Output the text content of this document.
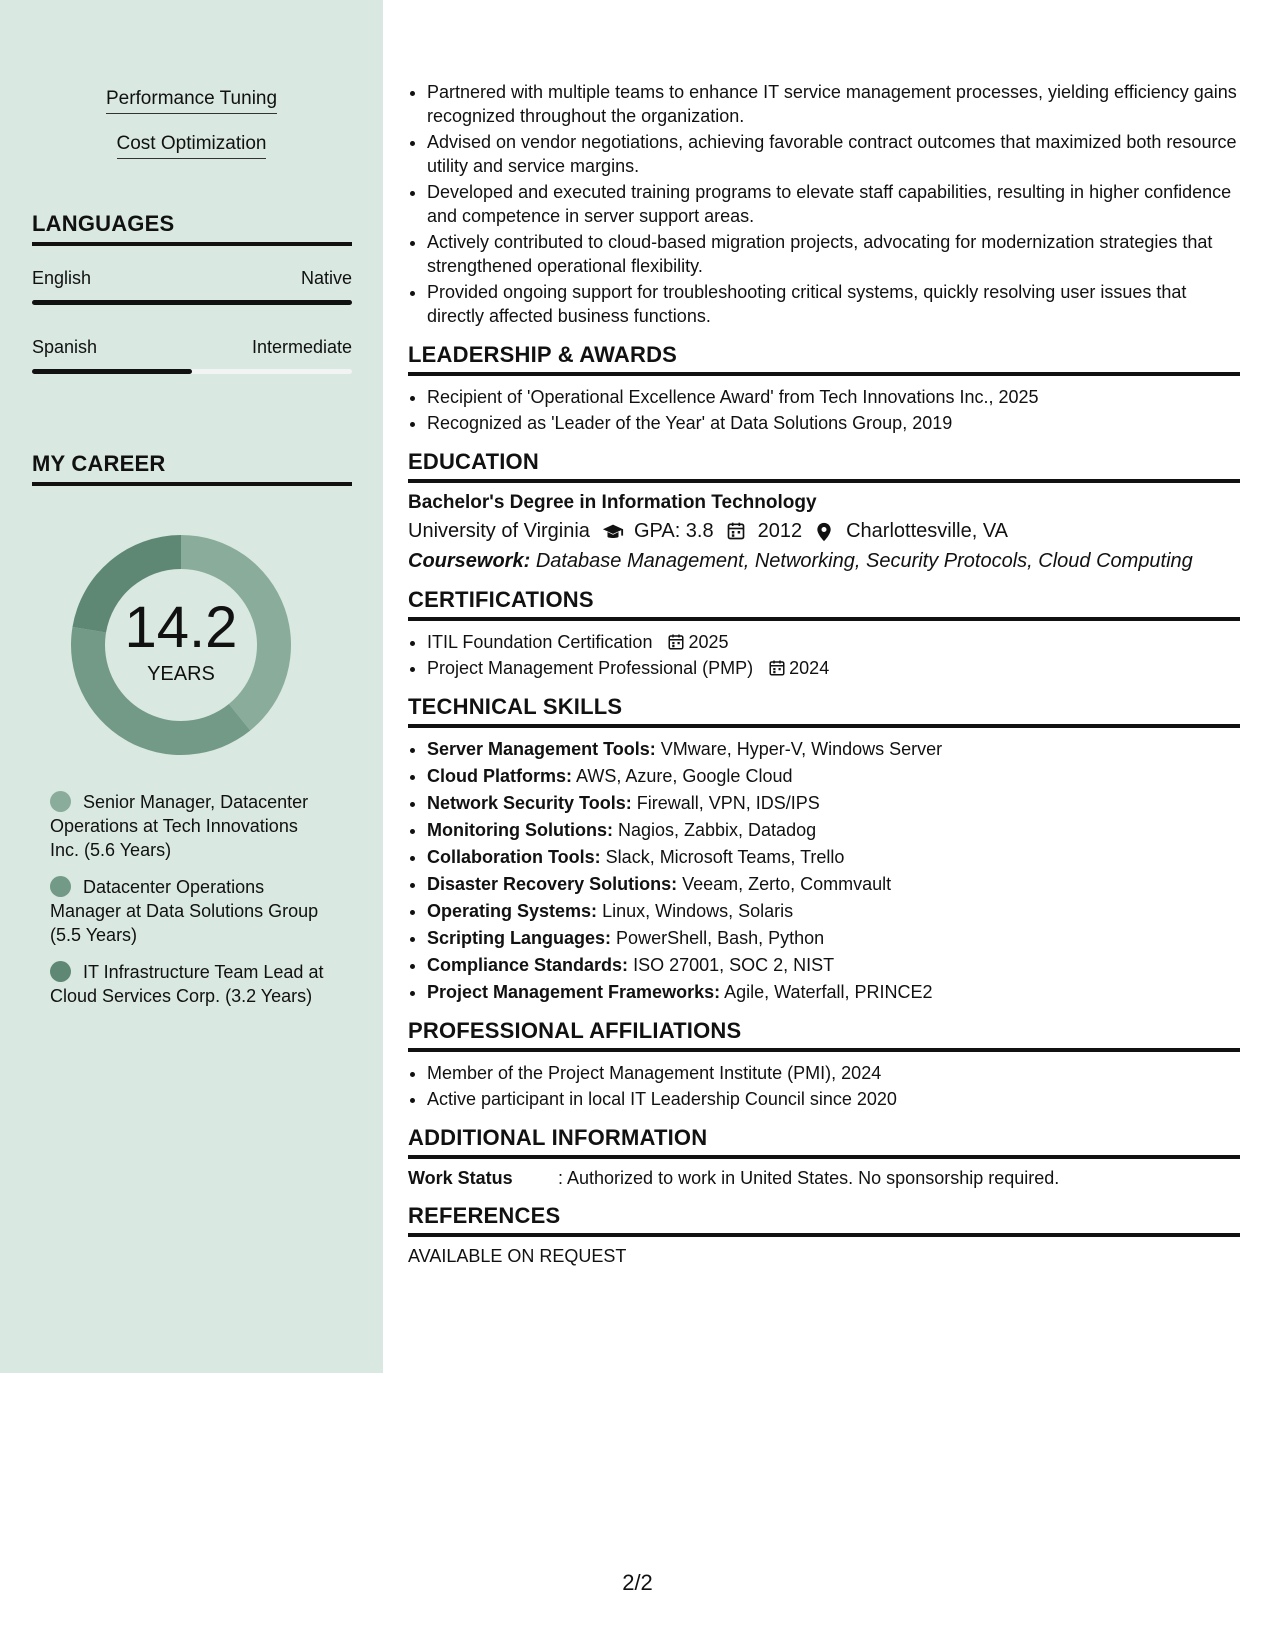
Performance Tuning
Cost Optimization
LANGUAGES
English	Native
Spanish	Intermediate
MY CAREER
14.2
YEARS
Senior Manager, Datacenter Operations at Tech Innovations Inc. (5.6 Years)
Datacenter Operations Manager at Data Solutions Group (5.5 Years)
IT Infrastructure Team Lead at Cloud Services Corp. (3.2 Years)
• Partnered with multiple teams to enhance IT service management processes, yielding efficiency gains recognized throughout the organization.
• Advised on vendor negotiations, achieving favorable contract outcomes that maximized both resource utility and service margins.
• Developed and executed training programs to elevate staff capabilities, resulting in higher confidence and competence in server support areas.
• Actively contributed to cloud-based migration projects, advocating for modernization strategies that strengthened operational flexibility.
• Provided ongoing support for troubleshooting critical systems, quickly resolving user issues that directly affected business functions.
LEADERSHIP & AWARDS
• Recipient of 'Operational Excellence Award' from Tech Innovations Inc., 2025
• Recognized as 'Leader of the Year' at Data Solutions Group, 2019
EDUCATION
Bachelor's Degree in Information Technology
University of Virginia GPA: 3.8 2012 Charlottesville, VA
Coursework: Database Management, Networking, Security Protocols, Cloud Computing
CERTIFICATIONS
• ITIL Foundation Certification 2025
• Project Management Professional (PMP) 2024
TECHNICAL SKILLS
• Server Management Tools: VMware, Hyper-V, Windows Server
• Cloud Platforms: AWS, Azure, Google Cloud
• Network Security Tools: Firewall, VPN, IDS/IPS
• Monitoring Solutions: Nagios, Zabbix, Datadog
• Collaboration Tools: Slack, Microsoft Teams, Trello
• Disaster Recovery Solutions: Veeam, Zerto, Commvault
• Operating Systems: Linux, Windows, Solaris
• Scripting Languages: PowerShell, Bash, Python
• Compliance Standards: ISO 27001, SOC 2, NIST
• Project Management Frameworks: Agile, Waterfall, PRINCE2
PROFESSIONAL AFFILIATIONS
• Member of the Project Management Institute (PMI), 2024
• Active participant in local IT Leadership Council since 2020
ADDITIONAL INFORMATION
Work Status	: Authorized to work in United States. No sponsorship required.
REFERENCES
AVAILABLE ON REQUEST
2/2
